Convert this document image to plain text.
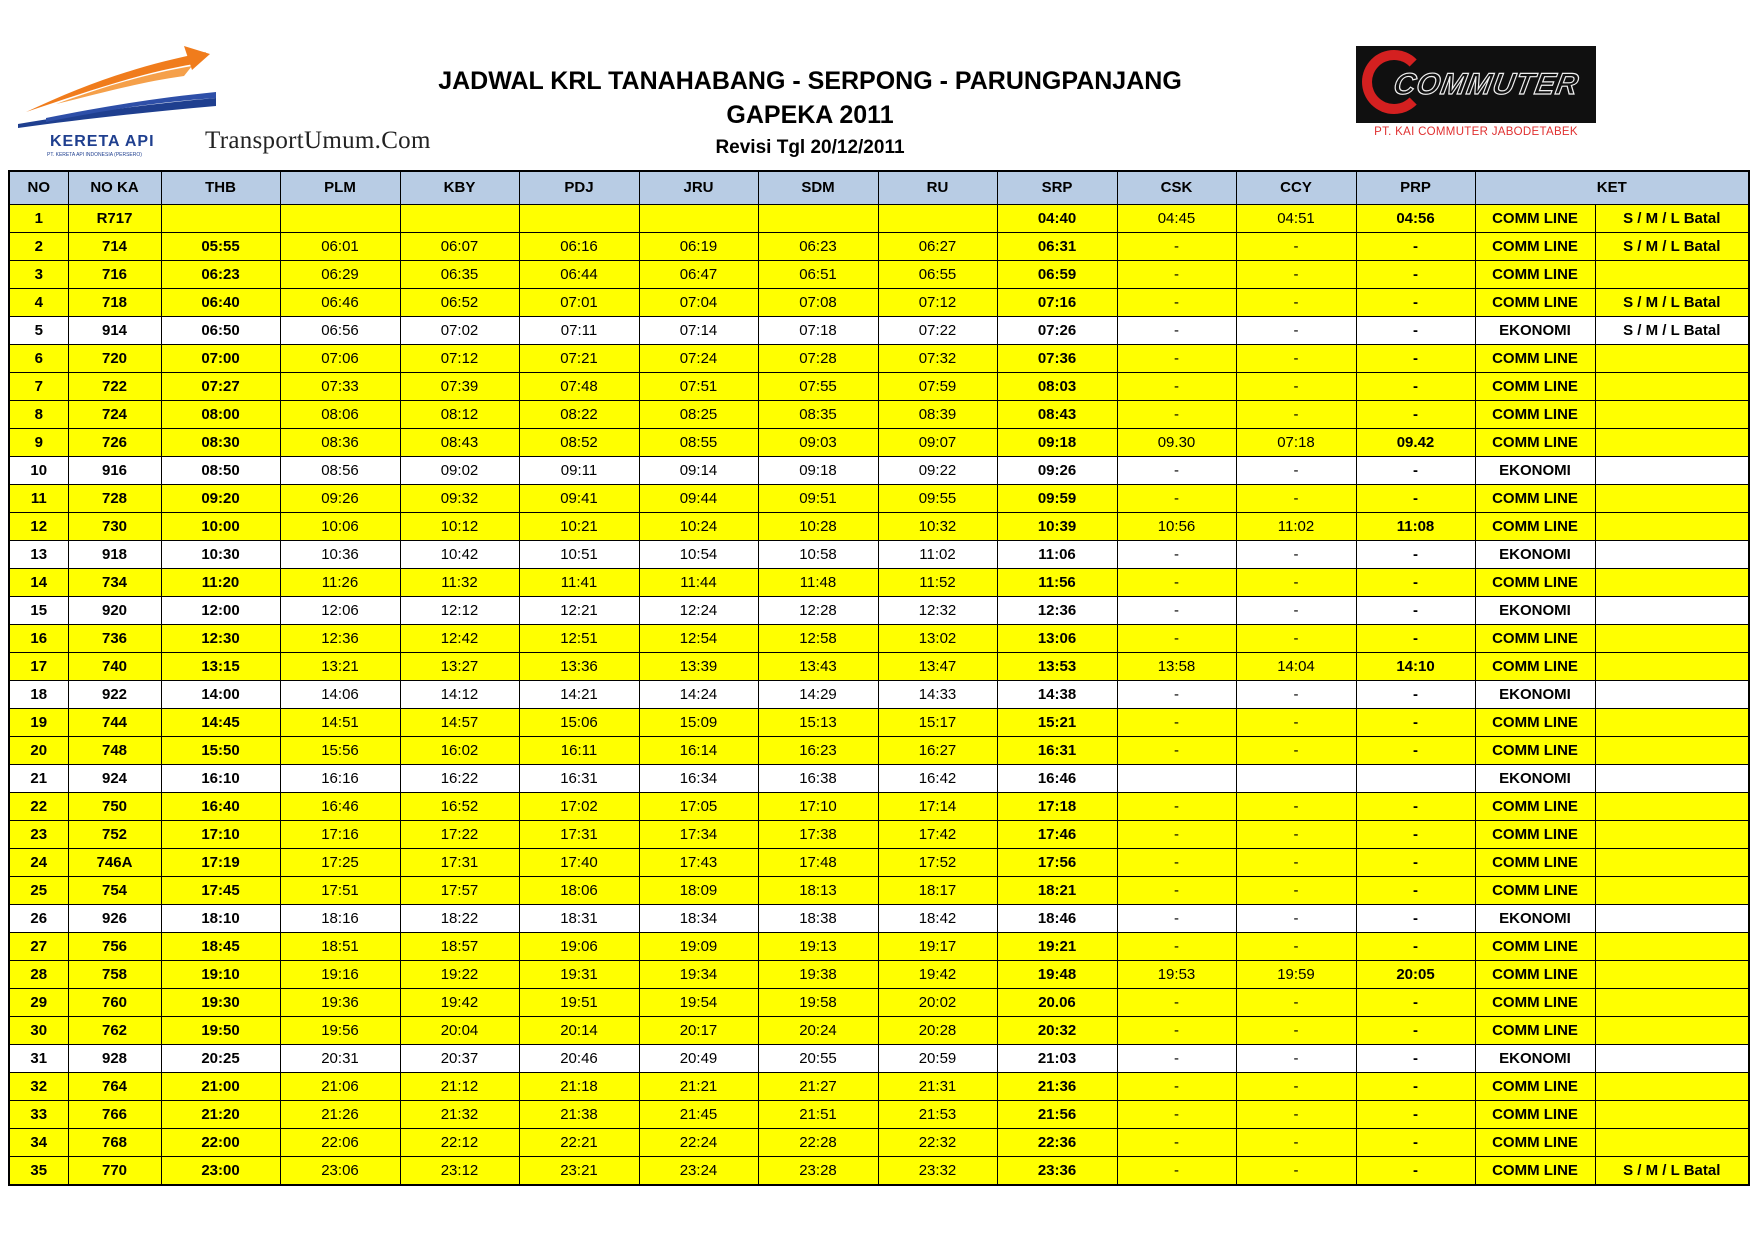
KERETA API
PT. KERETA API INDONESIA (PERSERO)
TransportUmum.Com
JADWAL KRL TANAHABANG - SERPONG - PARUNGPANJANG
GAPEKA 2011
Revisi Tgl 20/12/2011
COMMUTER
PT. KAI COMMUTER JABODETABEK
NO	NO KA	THB	PLM	KBY	PDJ	JRU	SDM	RU	SRP	CSK	CCY	PRP	KET	
1	R717								04:40	04:45	04:51	04:56	COMM LINE	S / M / L Batal
2	714	05:55	06:01	06:07	06:16	06:19	06:23	06:27	06:31	-	-	-	COMM LINE	S / M / L Batal
3	716	06:23	06:29	06:35	06:44	06:47	06:51	06:55	06:59	-	-	-	COMM LINE	
4	718	06:40	06:46	06:52	07:01	07:04	07:08	07:12	07:16	-	-	-	COMM LINE	S / M / L Batal
5	914	06:50	06:56	07:02	07:11	07:14	07:18	07:22	07:26	-	-	-	EKONOMI	S / M / L Batal
6	720	07:00	07:06	07:12	07:21	07:24	07:28	07:32	07:36	-	-	-	COMM LINE	
7	722	07:27	07:33	07:39	07:48	07:51	07:55	07:59	08:03	-	-	-	COMM LINE	
8	724	08:00	08:06	08:12	08:22	08:25	08:35	08:39	08:43	-	-	-	COMM LINE	
9	726	08:30	08:36	08:43	08:52	08:55	09:03	09:07	09:18	09.30	07:18	09.42	COMM LINE	
10	916	08:50	08:56	09:02	09:11	09:14	09:18	09:22	09:26	-	-	-	EKONOMI	
11	728	09:20	09:26	09:32	09:41	09:44	09:51	09:55	09:59	-	-	-	COMM LINE	
12	730	10:00	10:06	10:12	10:21	10:24	10:28	10:32	10:39	10:56	11:02	11:08	COMM LINE	
13	918	10:30	10:36	10:42	10:51	10:54	10:58	11:02	11:06	-	-	-	EKONOMI	
14	734	11:20	11:26	11:32	11:41	11:44	11:48	11:52	11:56	-	-	-	COMM LINE	
15	920	12:00	12:06	12:12	12:21	12:24	12:28	12:32	12:36	-	-	-	EKONOMI	
16	736	12:30	12:36	12:42	12:51	12:54	12:58	13:02	13:06	-	-	-	COMM LINE	
17	740	13:15	13:21	13:27	13:36	13:39	13:43	13:47	13:53	13:58	14:04	14:10	COMM LINE	
18	922	14:00	14:06	14:12	14:21	14:24	14:29	14:33	14:38	-	-	-	EKONOMI	
19	744	14:45	14:51	14:57	15:06	15:09	15:13	15:17	15:21	-	-	-	COMM LINE	
20	748	15:50	15:56	16:02	16:11	16:14	16:23	16:27	16:31	-	-	-	COMM LINE	
21	924	16:10	16:16	16:22	16:31	16:34	16:38	16:42	16:46				EKONOMI	
22	750	16:40	16:46	16:52	17:02	17:05	17:10	17:14	17:18	-	-	-	COMM LINE	
23	752	17:10	17:16	17:22	17:31	17:34	17:38	17:42	17:46	-	-	-	COMM LINE	
24	746A	17:19	17:25	17:31	17:40	17:43	17:48	17:52	17:56	-	-	-	COMM LINE	
25	754	17:45	17:51	17:57	18:06	18:09	18:13	18:17	18:21	-	-	-	COMM LINE	
26	926	18:10	18:16	18:22	18:31	18:34	18:38	18:42	18:46	-	-	-	EKONOMI	
27	756	18:45	18:51	18:57	19:06	19:09	19:13	19:17	19:21	-	-	-	COMM LINE	
28	758	19:10	19:16	19:22	19:31	19:34	19:38	19:42	19:48	19:53	19:59	20:05	COMM LINE	
29	760	19:30	19:36	19:42	19:51	19:54	19:58	20:02	20.06	-	-	-	COMM LINE	
30	762	19:50	19:56	20:04	20:14	20:17	20:24	20:28	20:32	-	-	-	COMM LINE	
31	928	20:25	20:31	20:37	20:46	20:49	20:55	20:59	21:03	-	-	-	EKONOMI	
32	764	21:00	21:06	21:12	21:18	21:21	21:27	21:31	21:36	-	-	-	COMM LINE	
33	766	21:20	21:26	21:32	21:38	21:45	21:51	21:53	21:56	-	-	-	COMM LINE	
34	768	22:00	22:06	22:12	22:21	22:24	22:28	22:32	22:36	-	-	-	COMM LINE	
35	770	23:00	23:06	23:12	23:21	23:24	23:28	23:32	23:36	-	-	-	COMM LINE	S / M / L Batal
